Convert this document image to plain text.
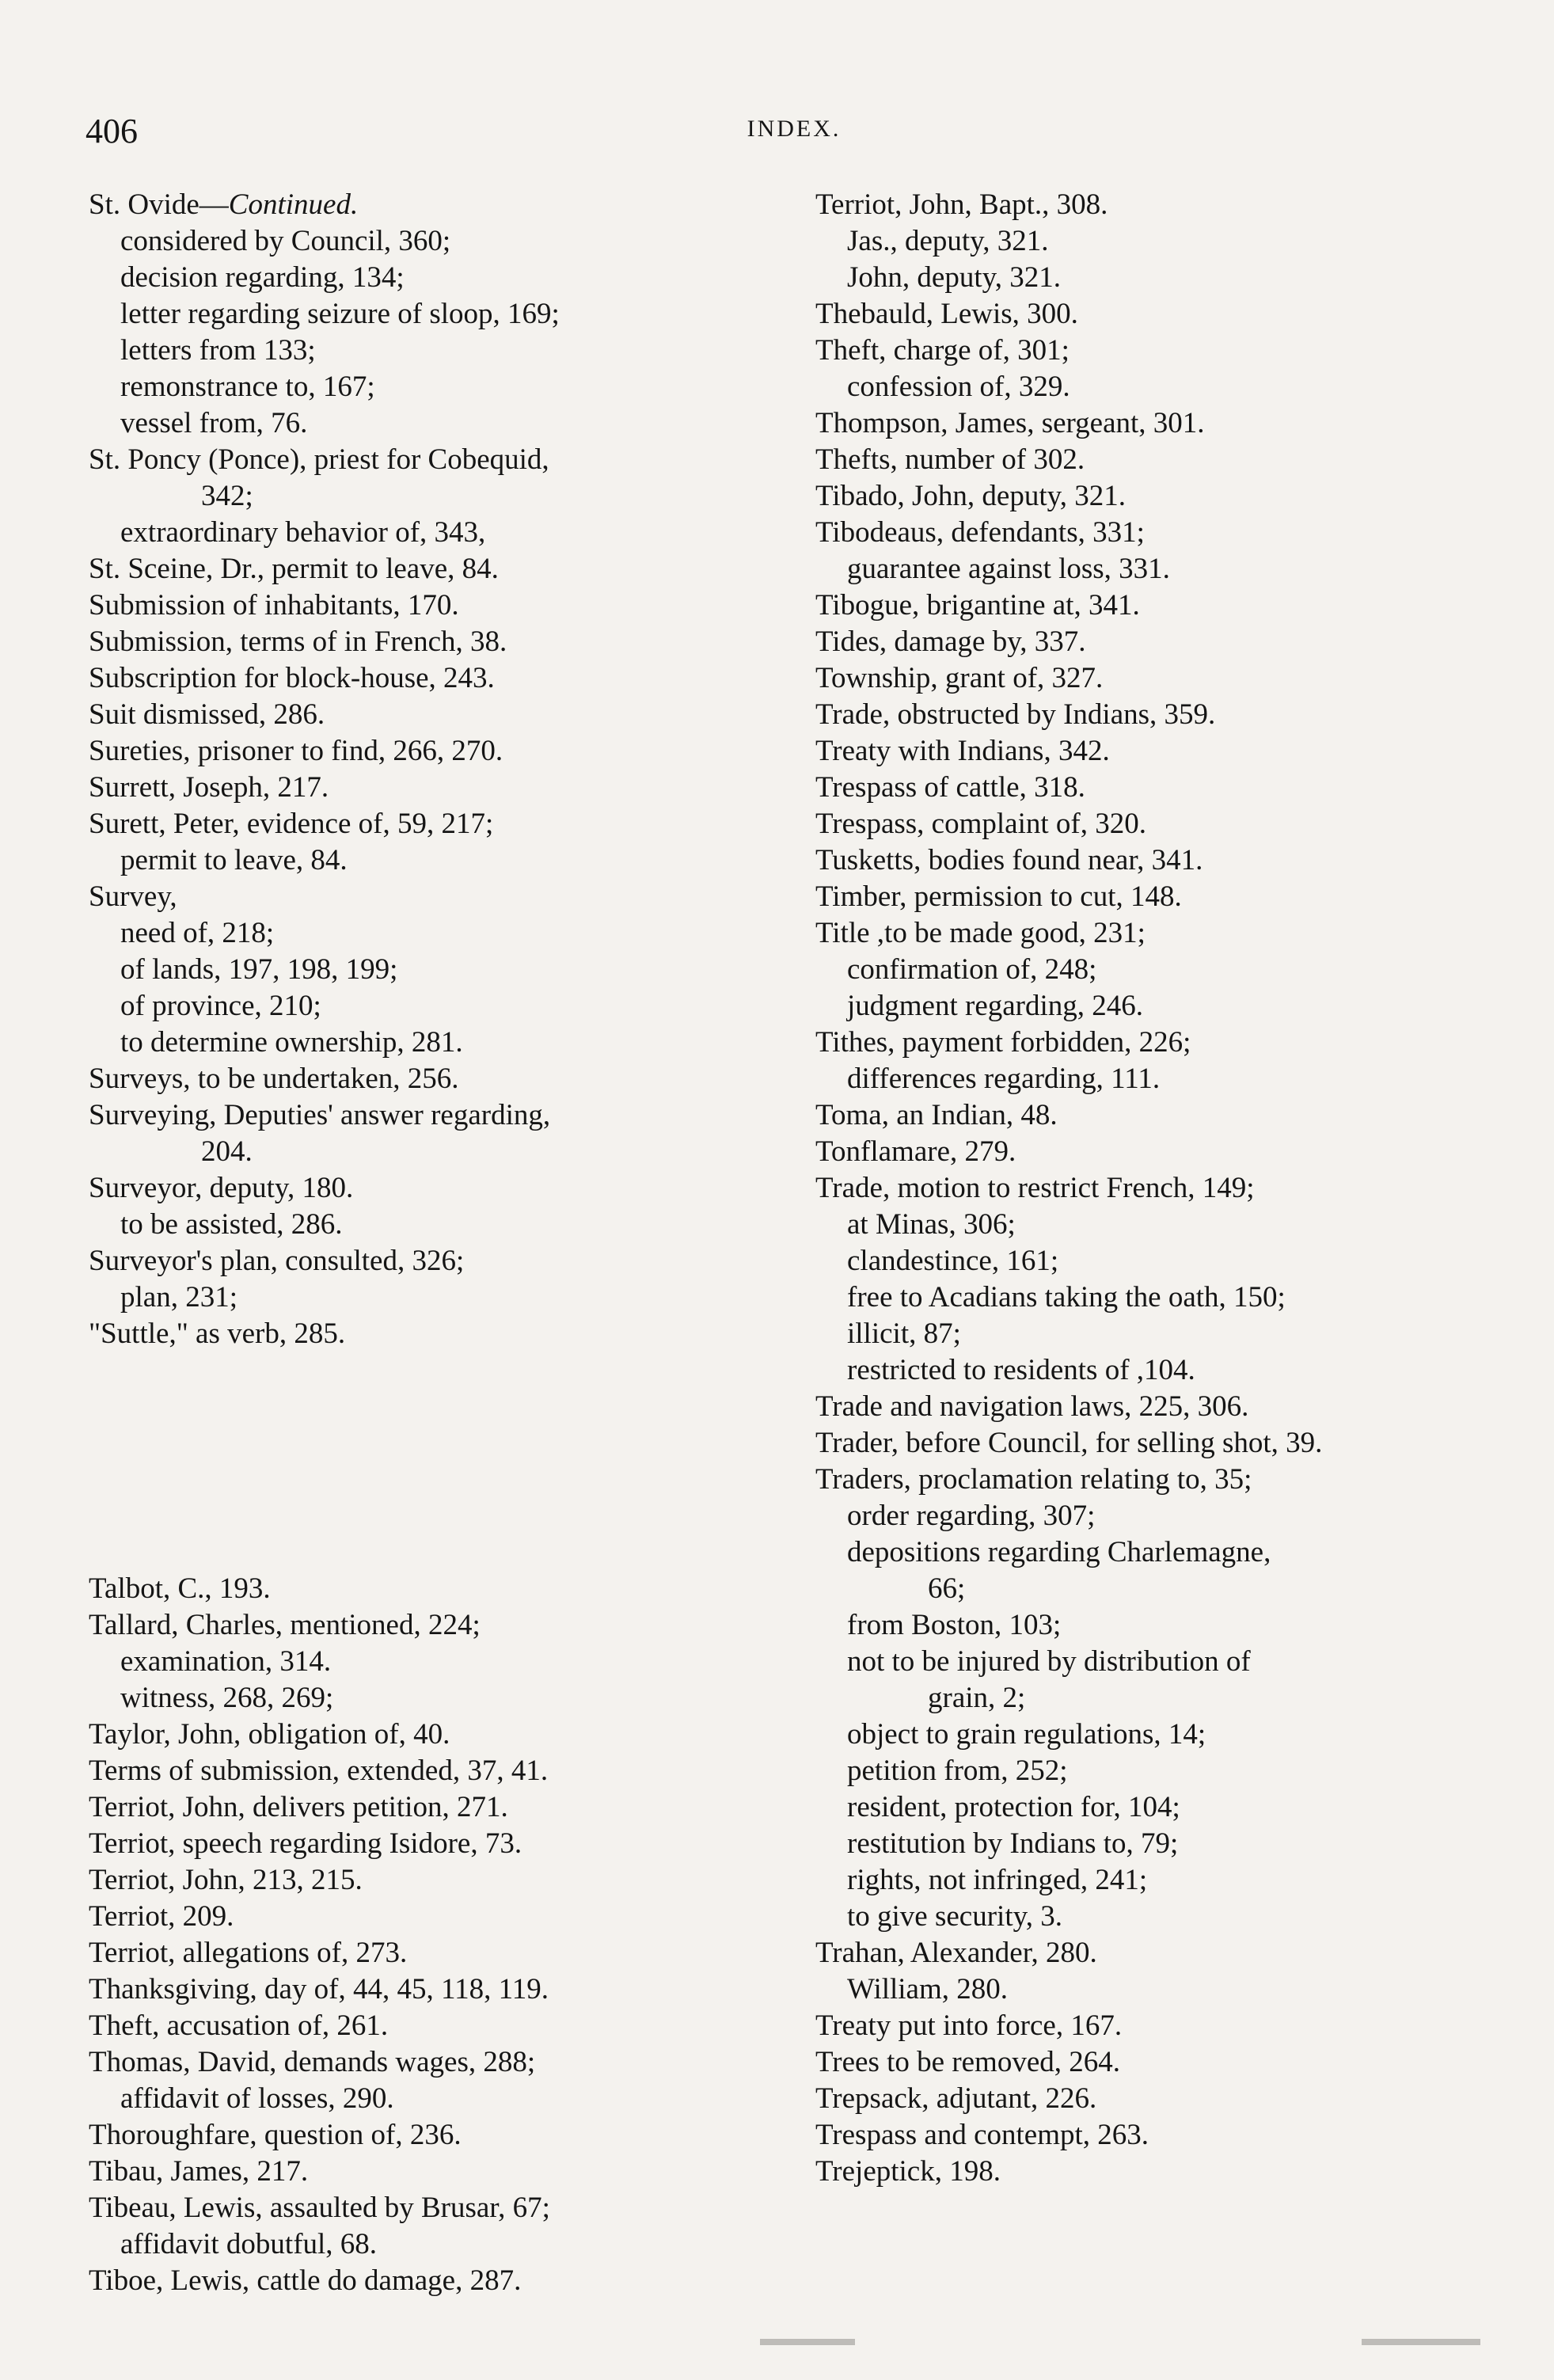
406	INDEX.
St. Ovide—Continued.
considered by Council, 360;
decision regarding, 134;
letter regarding seizure of sloop, 169;
letters from 133;
remonstrance to, 167;
vessel from, 76.
St. Poncy (Ponce), priest for Cobequid,
342;
extraordinary behavior of, 343,
St. Sceine, Dr., permit to leave, 84.
Submission of inhabitants, 170.
Submission, terms of in French, 38.
Subscription for block-house, 243.
Suit dismissed, 286.
Sureties, prisoner to find, 266, 270.
Surrett, Joseph, 217.
Surett, Peter, evidence of, 59, 217;
permit to leave, 84.
Survey,
need of, 218;
of lands, 197, 198, 199;
of province, 210;
to determine ownership, 281.
Surveys, to be undertaken, 256.
Surveying, Deputies' answer regarding,
204.
Surveyor, deputy, 180.
to be assisted, 286.
Surveyor's plan, consulted, 326;
plan, 231;
"Suttle," as verb, 285.
Talbot, C., 193.
Tallard, Charles, mentioned, 224;
examination, 314.
witness, 268, 269;
Taylor, John, obligation of, 40.
Terms of submission, extended, 37, 41.
Terriot, John, delivers petition, 271.
Terriot, speech regarding Isidore, 73.
Terriot, John, 213, 215.
Terriot, 209.
Terriot, allegations of, 273.
Thanksgiving, day of, 44, 45, 118, 119.
Theft, accusation of, 261.
Thomas, David, demands wages, 288;
affidavit of losses, 290.
Thoroughfare, question of, 236.
Tibau, James, 217.
Tibeau, Lewis, assaulted by Brusar, 67;
affidavit dobutful, 68.
Tiboe, Lewis, cattle do damage, 287.
Terriot, John, Bapt., 308.
Jas., deputy, 321.
John, deputy, 321.
Thebauld, Lewis, 300.
Theft, charge of, 301;
confession of, 329.
Thompson, James, sergeant, 301.
Thefts, number of 302.
Tibado, John, deputy, 321.
Tibodeaus, defendants, 331;
guarantee against loss, 331.
Tibogue, brigantine at, 341.
Tides, damage by, 337.
Township, grant of, 327.
Trade, obstructed by Indians, 359.
Treaty with Indians, 342.
Trespass of cattle, 318.
Trespass, complaint of, 320.
Tusketts, bodies found near, 341.
Timber, permission to cut, 148.
Title ,to be made good, 231;
confirmation of, 248;
judgment regarding, 246.
Tithes, payment forbidden, 226;
differences regarding, 111.
Toma, an Indian, 48.
Tonflamare, 279.
Trade, motion to restrict French, 149;
at Minas, 306;
clandestince, 161;
free to Acadians taking the oath, 150;
illicit, 87;
restricted to residents of ,104.
Trade and navigation laws, 225, 306.
Trader, before Council, for selling shot, 39.
Traders, proclamation relating to, 35;
order regarding, 307;
depositions regarding Charlemagne,
66;
from Boston, 103;
not to be injured by distribution of
grain, 2;
object to grain regulations, 14;
petition from, 252;
resident, protection for, 104;
restitution by Indians to, 79;
rights, not infringed, 241;
to give security, 3.
Trahan, Alexander, 280.
William, 280.
Treaty put into force, 167.
Trees to be removed, 264.
Trepsack, adjutant, 226.
Trespass and contempt, 263.
Trejeptick, 198.
